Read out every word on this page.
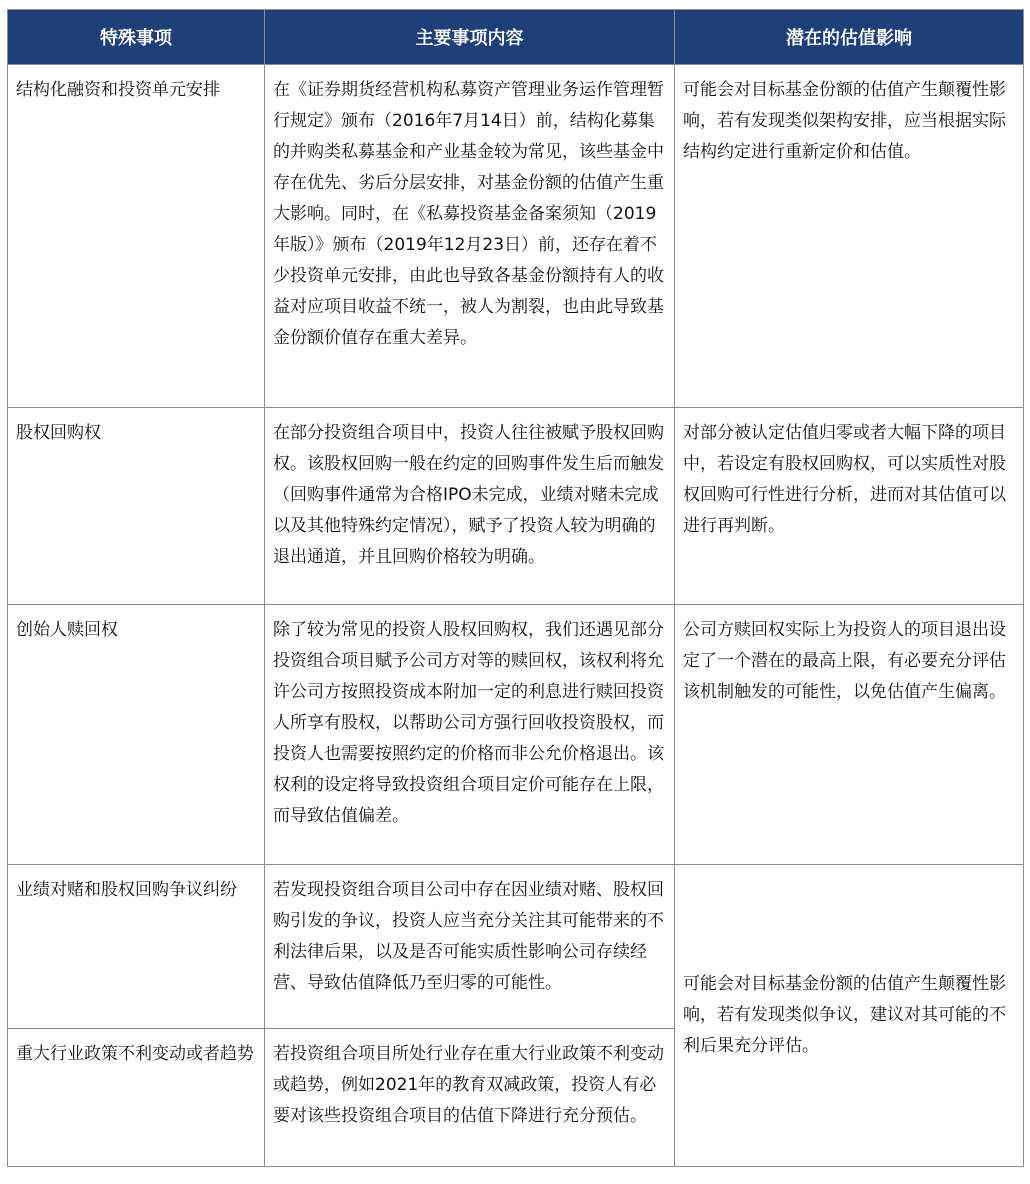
特殊事项	主要事项内容	潜在的估值影响
结构化融资和投资单元安排	在《证券期货经营机构私募资产管理业务运作管理暂行规定》颁布（2016年7月14日）前，结构化募集的并购类私募基金和产业基金较为常见，该些基金中存在优先、劣后分层安排，对基金份额的估值产生重大影响。同时，在《私募投资基金备案须知（2019年版）》颁布（2019年12月23日）前，还存在着不少投资单元安排，由此也导致各基金份额持有人的收益对应项目收益不统一，被人为割裂，也由此导致基金份额价值存在重大差异。	可能会对目标基金份额的估值产生颠覆性影响，若有发现类似架构安排，应当根据实际结构约定进行重新定价和估值。
股权回购权	在部分投资组合项目中，投资人往往被赋予股权回购权。该股权回购一般在约定的回购事件发生后而触发（回购事件通常为合格IPO未完成，业绩对赌未完成以及其他特殊约定情况），赋予了投资人较为明确的退出通道，并且回购价格较为明确。	对部分被认定估值归零或者大幅下降的项目中，若设定有股权回购权，可以实质性对股权回购可行性进行分析，进而对其估值可以进行再判断。
创始人赎回权	除了较为常见的投资人股权回购权，我们还遇见部分投资组合项目赋予公司方对等的赎回权，该权利将允许公司方按照投资成本附加一定的利息进行赎回投资人所享有股权，以帮助公司方强行回收投资股权，而投资人也需要按照约定的价格而非公允价格退出。该权利的设定将导致投资组合项目定价可能存在上限，而导致估值偏差。	公司方赎回权实际上为投资人的项目退出设定了一个潜在的最高上限，有必要充分评估该机制触发的可能性，以免估值产生偏离。
业绩对赌和股权回购争议纠纷	若发现投资组合项目公司中存在因业绩对赌、股权回购引发的争议，投资人应当充分关注其可能带来的不利法律后果，以及是否可能实质性影响公司存续经营、导致估值降低乃至归零的可能性。	可能会对目标基金份额的估值产生颠覆性影响，若有发现类似争议，建议对其可能的不利后果充分评估。
重大行业政策不利变动或者趋势	若投资组合项目所处行业存在重大行业政策不利变动或趋势，例如2021年的教育双减政策，投资人有必要对该些投资组合项目的估值下降进行充分预估。	
